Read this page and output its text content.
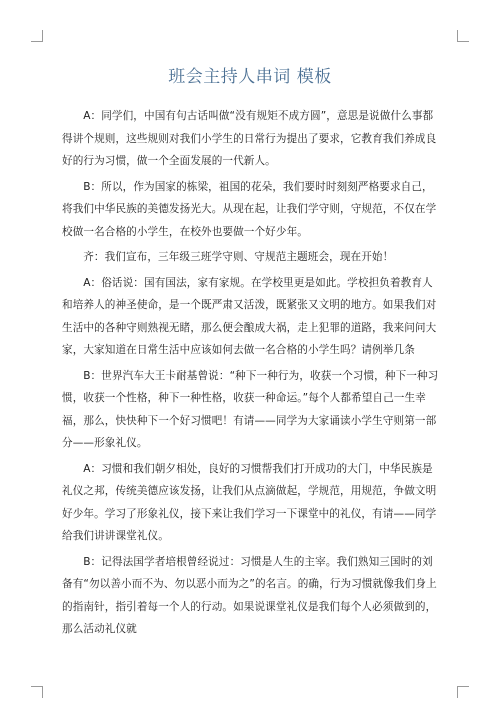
班会主持人串词 模板

A：同学们，中国有句古话叫做“没有规矩不成方圆”，意思是说做什么事都得讲个规则，这些规则对我们小学生的日常行为提出了要求，它教育我们养成良好的行为习惯，做一个全面发展的一代新人。

B：所以，作为国家的栋梁，祖国的花朵，我们要时时刻刻严格要求自己，将我们中华民族的美德发扬光大。从现在起，让我们学守则，守规范，不仅在学校做一名合格的小学生，在校外也要做一个好少年。

齐：我们宣布，三年级三班学守则、守规范主题班会，现在开始！

A：俗话说：国有国法，家有家规。在学校里更是如此。学校担负着教育人和培养人的神圣使命，是一个既严肃又活泼，既紧张又文明的地方。如果我们对生活中的各种守则熟视无睹，那么便会酿成大祸，走上犯罪的道路，我来问问大家，大家知道在日常生活中应该如何去做一名合格的小学生吗？请例举几条

B：世界汽车大王卡耐基曾说：“种下一种行为，收获一个习惯，种下一种习惯，收获一个性格，种下一种性格，收获一种命运。”每个人都希望自己一生幸福，那么，快快种下一个好习惯吧！有请——同学为大家诵读小学生守则第一部分——形象礼仪。

A：习惯和我们朝夕相处，良好的习惯帮我们打开成功的大门，中华民族是礼仪之邦，传统美德应该发扬，让我们从点滴做起，学规范，用规范，争做文明好少年。学习了形象礼仪，接下来让我们学习一下课堂中的礼仪，有请——同学给我们讲讲课堂礼仪。

B：记得法国学者培根曾经说过：习惯是人生的主宰。我们熟知三国时的刘备有“勿以善小而不为、勿以恶小而为之”的名言。的确，行为习惯就像我们身上的指南针，指引着每一个人的行动。如果说课堂礼仪是我们每个人必须做到的，那么活动礼仪就
